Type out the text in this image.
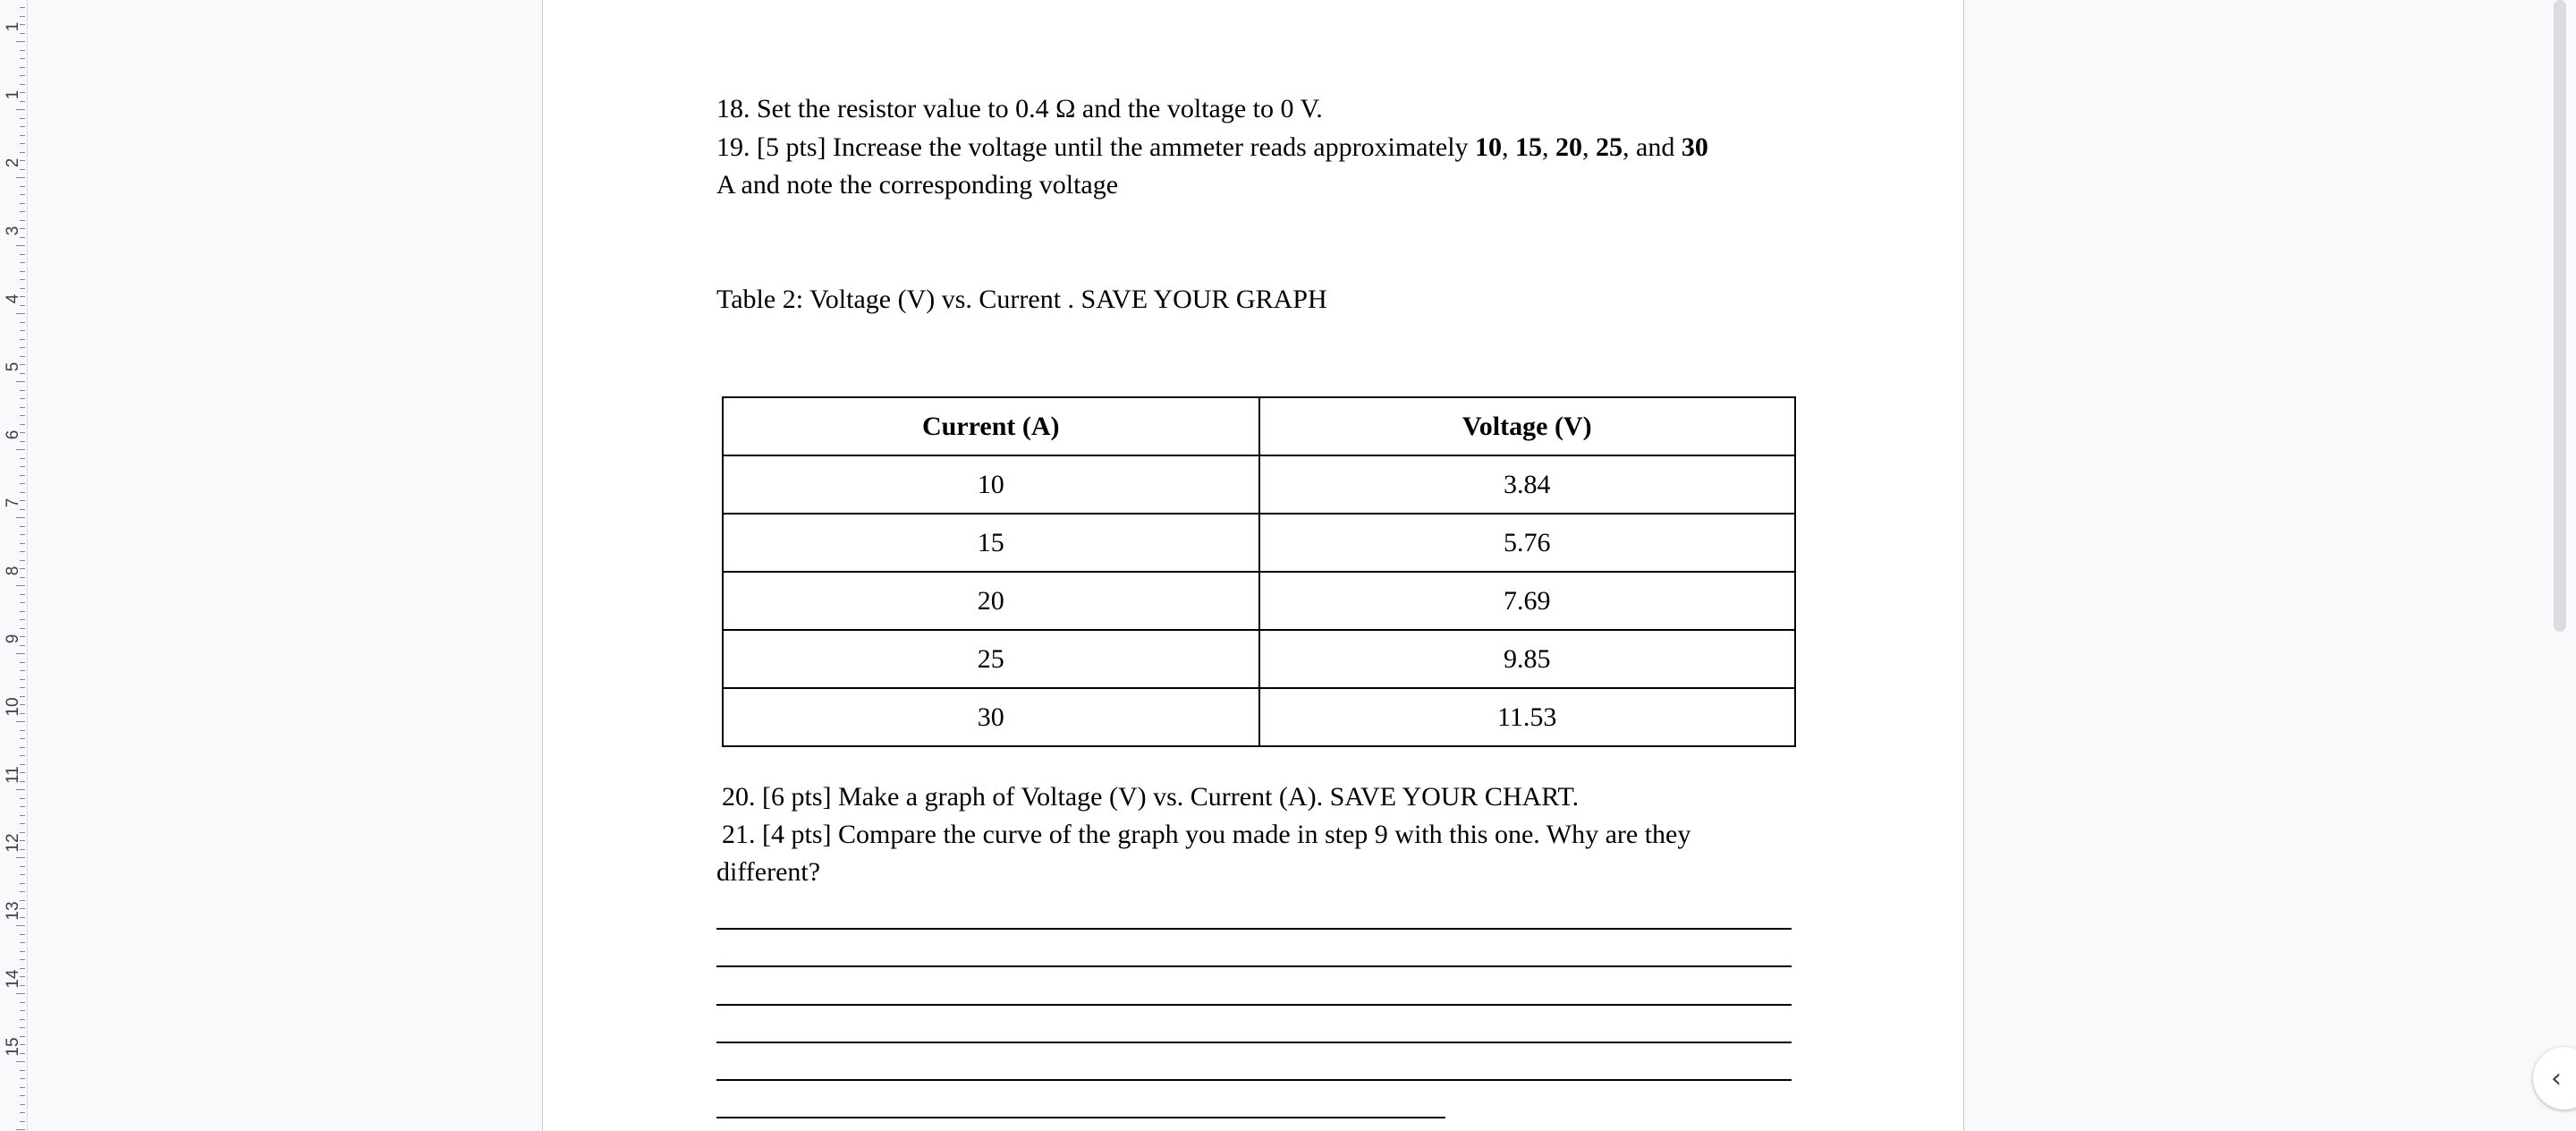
1
1
2
3
4
5
6
7
8
9
10
11
12
13
14
15
18. Set the resistor value to 0.4 Ω and the voltage to 0 V.
19. [5 pts] Increase the voltage until the ammeter reads approximately 10, 15, 20, 25, and 30
A and note the corresponding voltage
Table 2: Voltage (V) vs. Current . SAVE YOUR GRAPH
20. [6 pts] Make a graph of Voltage (V) vs. Current (A). SAVE YOUR CHART.
21. [4 pts] Compare the curve of the graph you made in step 9 with this one. Why are they
different?
Current (A)	Voltage (V)
10	3.84
15	5.76
20	7.69
25	9.85
30	11.53
‹
